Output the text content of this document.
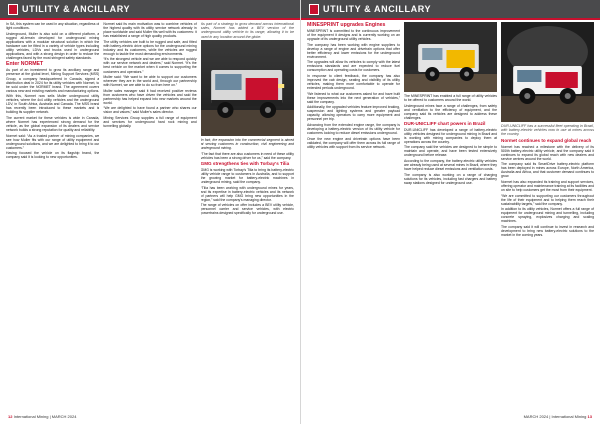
UTILITY & ANCILLARY

In SA, this system can be used in any situation, regardless of light conditions.

Underground, Muller is also sold on a different platform, a rugged all-terrain developed for underground mining applications with a modular structural solution in which the hardware can be fitted in a variety of vehicle types including utility vehicles, LDVs and trucks used in underground applications, and with a strong design in order to reduce the challenges faced by the most stringent safety standards.

Enter NORMET

As part of an investment to grow its ancillary range and presence at the global level, Mining Support Services (MSS) Group, a company headquartered in Canada, signed a distribution deal in 2024 for its utility vehicles with Normet, to be sold under the NORMET brand. The agreement covers various new and existing markets and manufacturing options.

With this, Normet now sells Muller underground utility vehicles, where the 4x4 utility vehicles and the underground LDV, in South Africa, Australia and Canada. The MSS brand has recently been introduced to these markets and is building its supplier network.

The current market for these vehicles is wide in Canada, where Normet has experienced strong demand for the vehicle, as the global expansion of its dealers and service network builds a strong reputation for quality and reliability.

Normet said: “As a trusted partner of mining companies, we see how Muller fits with our range of utility equipment and underground solutions, and we are delighted to bring it to our customers.”

Having focused the vehicle on its flagship brand, the company said it is looking to new opportunities.

Normet said its main motivation was to combine vehicles of the highest quality with its utility service network already in place worldwide and said Muller fits well with its customers: it has established a range of high quality products.

The utility vehicles are built to be rugged and safe, and fitted with battery-electric drive options for the underground mining industry and its customers, while the vehicles are rugged enough to tackle the most demanding environments.

“It's the strongest vehicle and we are able to respond quickly with our service network and dealers,” said Normet. “It's the best vehicle on the market when it comes to supporting the customers and operators.”

Muller said: “We want to be able to support our customers wherever they are in the world and, through our partnership with Normet, we are able to do so from here on.”

Muller sales manager said it had received positive reviews from customers who have driven the vehicles and said the partnership has helped expand into new markets around the world.

“We are delighted to have found a partner who shares our vision and values,” said Muller's sales director.

Mining Services Group supplies a full range of equipment and services for underground hard rock mining and tunnelling globally.

As part of a strategy to grow demand across international sales, Normet has added a BEV version of the underground utility vehicle to its range, allowing it to be used in any location around the globe.

In fact, the expansion into the commercial segment is aimed at serving customers in construction, civil engineering and underground mining.

“The fact that there are also customers in need of these utility vehicles has been a strong driver for us,” said the company.

GMG strengthens ties with Torbay's Tilia

GMG is working with Torbay's Tilia to bring its battery-electric utility vehicle range to customers in Australia, and to support the growing market for battery-electric machines in underground mining, said the company.

“Tilia has been working with underground mines for years, and its expertise in battery-electric vehicles and its network of partners will help GMG bring new opportunities in the region,” said the company's managing director.

The range of vehicles on offer includes a BEV utility vehicle, personnel carrier and service vehicles, with electric powertrains designed specifically for underground use.

12 International Mining | MARCH 2024
UTILITY & ANCILLARY
MINESPRINT upgrades Engines

MINESPRINT is committed to the continuous improvement of the equipment it designs and is currently working on an upgrade of its underground utility vehicles.

The company has been working with engine suppliers to develop a range of engine and drivetrain options that offer better efficiency and lower emissions for the underground environment.

The upgrades will allow its vehicles to comply with the latest emissions standards and are expected to reduce fuel consumption and operating costs for customers.

In response to client feedback, the company has also improved the cab design, seating and visibility of its utility vehicles, making them more comfortable to operate for extended periods underground.

“We listened to what our customers asked for and have built these improvements into the next generation of vehicles,” said the company.

Additionally, the upgraded vehicles feature improved braking, suspension and lighting systems and greater payload capacity, allowing operators to carry more equipment and personnel per trip.

Advancing from the extended engine range, the company is developing a battery-electric version of its utility vehicle for customers looking to reduce diesel emissions underground.

Once the new engine and drivetrain options have been validated, the company will offer them across its full range of utility vehicles with support from its service network.

The MINESPRINT has enabled a full range of utility vehicles to be offered to customers around the world.

Underground mines face a range of challenges, from safety and ventilation to the efficiency of equipment, and the company said its vehicles are designed to address these challenges.

DUR-UNICLIFF chart powers in Brazil

DUR-UNICLIFF has developed a range of battery-electric utility vehicles designed for underground mining in Brazil and is working with mining companies to deploy them at operations across the country.

The company said the vehicles are designed to be simple to maintain and operate, and have been tested extensively underground before release.

According to the company, the battery-electric utility vehicles are already being used at several mines in Brazil, where they have helped reduce diesel emissions and ventilation costs.

The company is also working on a range of charging solutions for its vehicles, including fast chargers and battery swap stations designed for underground use.

DUR-UNICLIFF has a successful fleet operating in Brazil, with battery-electric vehicles now in use at mines across the country.

Normet continues to expand global reach

Normet has reached a milestone with the delivery of its 500th battery-electric utility vehicle, and the company said it continues to expand its global reach with new dealers and service centres around the world.

The company said its SmartDrive battery-electric platform has been deployed in mines across Europe, North America, Australia and Africa, and that customer demand continues to grow.

Normet has also expanded its training and support services, offering operator and maintenance training at its facilities and on site to help customers get the most from their equipment.

“We are committed to supporting our customers throughout the life of their equipment and to helping them reach their sustainability targets,” said the company.

In addition to its utility vehicles, Normet offers a full range of equipment for underground mining and tunnelling, including concrete spraying, explosives charging and scaling machines.

The company said it will continue to invest in research and development to bring new battery-electric solutions to the market in the coming years.

MARCH 2024 | International Mining 13
